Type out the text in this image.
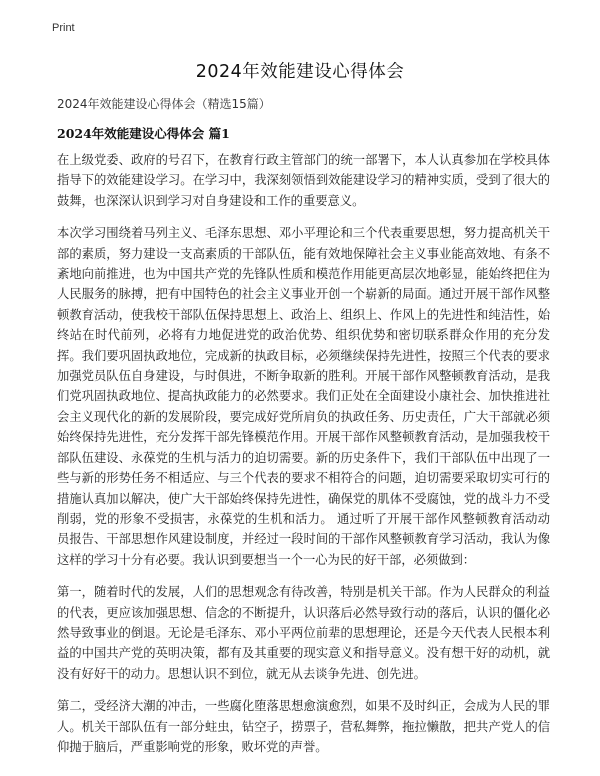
Print
2024年效能建设心得体会
2024年效能建设心得体会（精选15篇）
2024年效能建设心得体会 篇1

在上级党委、政府的号召下，在教育行政主管部门的统一部署下，本人认真参加在学校具体指导下的效能建设学习。在学习中，我深刻领悟到效能建设学习的精神实质，受到了很大的鼓舞，也深深认识到学习对自身建设和工作的重要意义。

本次学习围绕着马列主义、毛泽东思想、邓小平理论和三个代表重要思想，努力提高机关干部的素质，努力建设一支高素质的干部队伍，能有效地保障社会主义事业能高效地、有条不紊地向前推进，也为中国共产党的先锋队性质和模范作用能更高层次地彰显，能始终把住为人民服务的脉搏，把有中国特色的社会主义事业开创一个崭新的局面。通过开展干部作风整顿教育活动，使我校干部队伍保持思想上、政治上、组织上、作风上的先进性和纯洁性，始终站在时代前列，必将有力地促进党的政治优势、组织优势和密切联系群众作用的充分发挥。我们要巩固执政地位，完成新的执政目标，必须继续保持先进性，按照三个代表的要求加强党员队伍自身建设，与时俱进，不断争取新的胜利。开展干部作风整顿教育活动，是我们党巩固执政地位、提高执政能力的必然要求。我们正处在全面建设小康社会、加快推进社会主义现代化的新的发展阶段，要完成好党所肩负的执政任务、历史责任，广大干部就必须始终保持先进性，充分发挥干部先锋模范作用。开展干部作风整顿教育活动，是加强我校干部队伍建设、永葆党的生机与活力的迫切需要。新的历史条件下，我们干部队伍中出现了一些与新的形势任务不相适应、与三个代表的要求不相符合的问题，迫切需要采取切实可行的措施认真加以解决，使广大干部始终保持先进性，确保党的肌体不受腐蚀，党的战斗力不受削弱，党的形象不受损害，永葆党的生机和活力。 通过听了开展干部作风整顿教育活动动员报告、干部思想作风建设制度，并经过一段时间的干部作风整顿教育学习活动，我认为像这样的学习十分有必要。我认识到要想当一个一心为民的好干部，必须做到：

第一，随着时代的发展，人们的思想观念有待改善，特别是机关干部。作为人民群众的利益的代表，更应该加强思想、信念的不断提升，认识落后必然导致行动的落后，认识的僵化必然导致事业的倒退。无论是毛泽东、邓小平两位前辈的思想理论，还是今天代表人民根本利益的中国共产党的英明决策，都有及其重要的现实意义和指导意义。没有想干好的动机，就没有好好干的动力。思想认识不到位，就无从去谈争先进、创先进。

第二，受经济大潮的冲击，一些腐化堕落思想愈演愈烈，如果不及时纠正，会成为人民的罪人。机关干部队伍有一部分蛀虫，钻空子，捞票子，营私舞弊，拖拉懒散，把共产党人的信仰抛于脑后，严重影响党的形象，败坏党的声誉。
